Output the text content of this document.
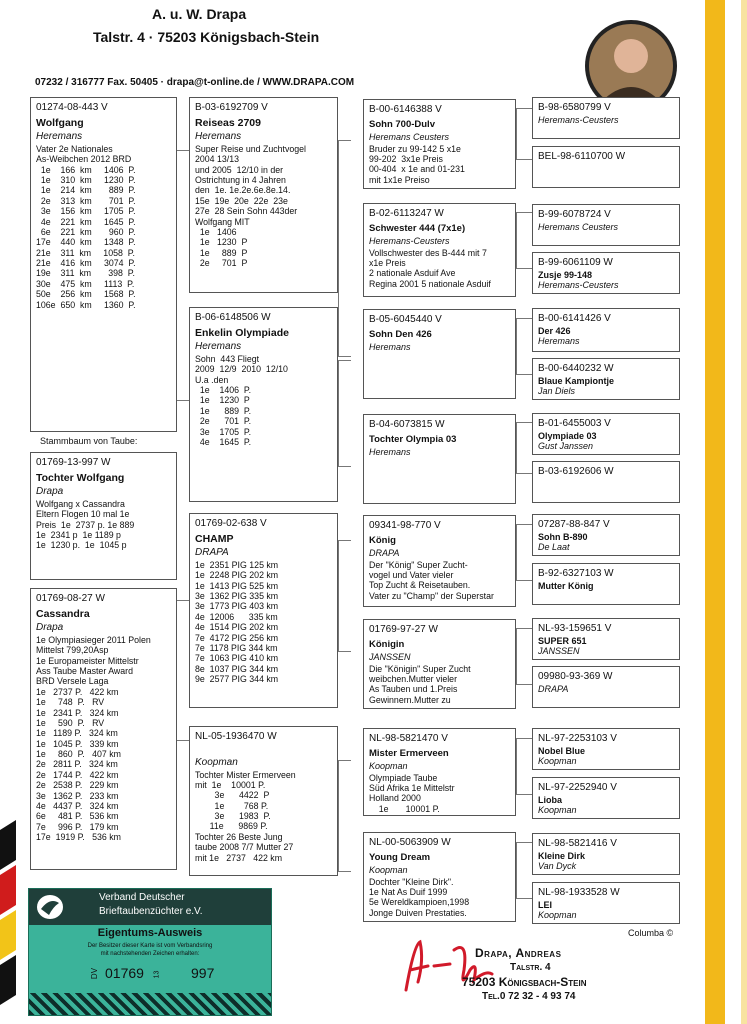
A. u. W. Drapa
Talstr. 4 · 75203 Königsbach-Stein
07232 / 316777 Fax. 50405 · drapa@t-online.de / WWW.DRAPA.COM
01274-08-443 V
Wolfgang
Heremans
Vater 2e Nationales
As-Weibchen 2012 BRD
1e    166  km     1406  P.
1e    310  km     1230  P.
1e    214  km       889  P.
2e    313  km       701  P.
3e    156  km     1705  P.
4e    221  km     1645  P.
6e    221  km       960  P.
17e    440  km     1348  P.
21e    311  km     1058  P.
21e    416  km     3074  P.
19e    311  km       398  P.
30e    475  km     1113  P.
50e    256  km     1568  P.
106e  650  km     1360  P.
Stammbaum von Taube:
01769-13-997 W
Tochter Wolfgang
Drapa
Wolfgang x Cassandra
Eltern Flogen 10 mal 1e
Preis  1e  2737 p. 1e 889
1e  2341 p  1e 1189 p
1e  1230 p.  1e  1045 p
01769-08-27 W
Cassandra
Drapa
1e Olympiasieger 2011 Polen
Mittelst 799,20Asp
1e Europameister Mittelstr
Ass Taube Master Award
BRD Versele Laga
1e   2737 P.   422 km
1e     748  P.   RV
1e   2341 P.   324 km
1e     590  P.   RV
1e   1189 P.   324 km
1e   1045 P.   339 km
1e     860  P.   407 km
2e   2811 P.   324 km
2e   1744 P.   422 km
2e   2538 P.   229 km
3e   1362 P.   233 km
4e   4437 P.   324 km
6e     481 P.   536 km
7e     996 P.   179 km
17e  1919 P.   536 km
B-03-6192709 V
Reiseas 2709
Heremans
Super Reise und Zuchtvogel
2004 13/13
und 2005  12/10 in der
Ostrichtung in 4 Jahren
den  1e. 1e.2e.6e.8e.14.
15e  19e  20e  22e  23e
27e  28 Sein Sohn 443der
Wolfgang MIT
1e   1406
1e   1230  P
1e     889  P
2e     701  P
B-06-6148506 W
Enkelin Olympiade
Heremans
Sohn  443 Fliegt
2009  12/9  2010  12/10
U.a .den
1e    1406  P.
1e    1230  P
1e      889  P.
2e      701  P.
3e    1705  P.
4e    1645  P.
01769-02-638 V
CHAMP
DRAPA
1e  2351 PIG 125 km
1e  2248 PIG 202 km
1e  1413 PIG 525 km
3e  1362 PIG 335 km
3e  1773 PIG 403 km
4e  12006      335 km
4e  1514 PIG 202 km
7e  4172 PIG 256 km
7e  1178 PIG 344 km
7e  1063 PIG 410 km
8e  1037 PIG 344 km
9e  2577 PIG 344 km
NL-05-1936470 W
Koopman
Tochter Mister Ermerveen
mit  1e    10001 P.
3e      4422  P
1e        768 P.
3e      1983  P.
11e      9869 P.
Tochter 26 Beste Jung
taube 2008 7/7 Mutter 27
mit 1e   2737   422 km
B-00-6146388 V
Sohn 700-Dulv
Heremans Ceusters
Bruder zu 99-142 5 x1e
99-202  3x1e Preis
00-404  x 1e and 01-231
mit 1x1e Preiso
B-02-6113247 W
Schwester 444 (7x1e)
Heremans-Ceusters
Vollschwester des B-444 mit 7
x1e Preis
2 nationale Asduif Ave
Regina 2001 5 nationale Asduif
B-05-6045440 V
Sohn Den 426
Heremans
B-04-6073815 W
Tochter Olympia 03
Heremans
09341-98-770 V
König
DRAPA
Der "König" Super Zucht-
vogel und Vater vieler
Top Zucht & Reisetauben.
Vater zu "Champ" der Superstar
01769-97-27 W
Königin
JANSSEN
Die "Königin" Super Zucht
weibchen.Mutter vieler
As Tauben und 1.Preis
Gewinnern.Mutter zu
NL-98-5821470 V
Mister Ermerveen
Koopman
Olympiade Taube
Süd Afrika 1e Mittelstr
Holland 2000
1e       10001 P.
NL-00-5063909 W
Young Dream
Koopman
Dochter "Kleine Dirk".
1e Nat As Duif 1999
5e Wereldkampioen,1998
Jonge Duiven Prestaties.
B-98-6580799 V
Heremans-Ceusters
BEL-98-6110700 W
B-99-6078724 V
Heremans Ceusters
B-99-6061109 W
Zusje 99-148
Heremans-Ceusters
B-00-6141426 V
Der 426
Heremans
B-00-6440232 W
Blaue Kampiontje
Jan Diels
B-01-6455003 V
Olympiade 03
Gust Janssen
B-03-6192606 W
07287-88-847 V
Sohn B-890
De Laat
B-92-6327103 W
Mutter König
NL-93-159651 V
SUPER 651
JANSSEN
09980-93-369 W
DRAPA
NL-97-2253103 V
Nobel Blue
Koopman
NL-97-2252940 V
Lioba
Koopman
NL-98-5821416 V
Kleine Dirk
Van Dyck
NL-98-1933528 W
LEI
Koopman
Columba ©
Verband Deutscher
Brieftaubenzüchter e.V.
Eigentums-Ausweis
Der Besitzer dieser Karte ist vom Verbandsring
mit nachstehenden Zeichen erhalten:
DV 01769 13 997
Drapa, Andreas
Talstr. 4
75203 Königsbach-Stein
Tel.0 72 32 - 4 93 74
